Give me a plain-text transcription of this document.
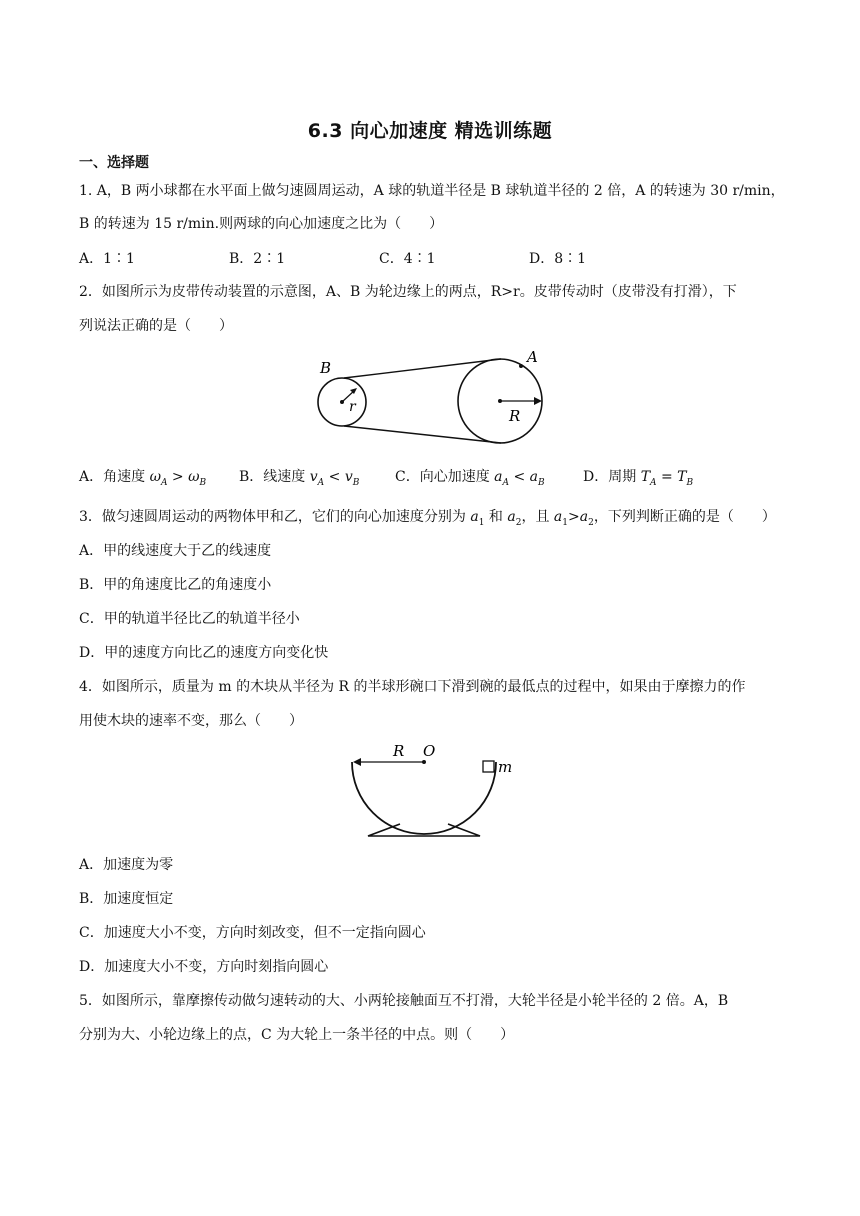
6.3 向心加速度 精选训练题
一、选择题
1. A，B 两小球都在水平面上做匀速圆周运动，A 球的轨道半径是 B 球轨道半径的 2 倍，A 的转速为 30 r/min，
B 的转速为 15 r/min.则两球的向心加速度之比为（　　）
A．1∶1	B．2∶1	C．4∶1	D．8∶1
2．如图所示为皮带传动装置的示意图，A、B 为轮边缘上的两点，R>r。皮带传动时（皮带没有打滑），下
列说法正确的是（　　）
B
A
r	R
A．角速度 $\omega_A > \omega_B$	B．线速度 $v_A < v_B$	C．向心加速度 $a_A < a_B$	D．周期 $T_A = T_B$
3．做匀速圆周运动的两物体甲和乙，它们的向心加速度分别为 $a_1$ 和 $a_2$，且 $a_1>a_2$，下列判断正确的是（　　）
A．甲的线速度大于乙的线速度
B．甲的角速度比乙的角速度小
C．甲的轨道半径比乙的轨道半径小
D．甲的速度方向比乙的速度方向变化快
4．如图所示，质量为 m 的木块从半径为 R 的半球形碗口下滑到碗的最低点的过程中，如果由于摩擦力的作
用使木块的速率不变，那么（　　）
R O
m
A．加速度为零
B．加速度恒定
C．加速度大小不变，方向时刻改变，但不一定指向圆心
D．加速度大小不变，方向时刻指向圆心
5．如图所示，靠摩擦传动做匀速转动的大、小两轮接触面互不打滑，大轮半径是小轮半径的 2 倍。A，B
分别为大、小轮边缘上的点，C 为大轮上一条半径的中点。则（　　）
